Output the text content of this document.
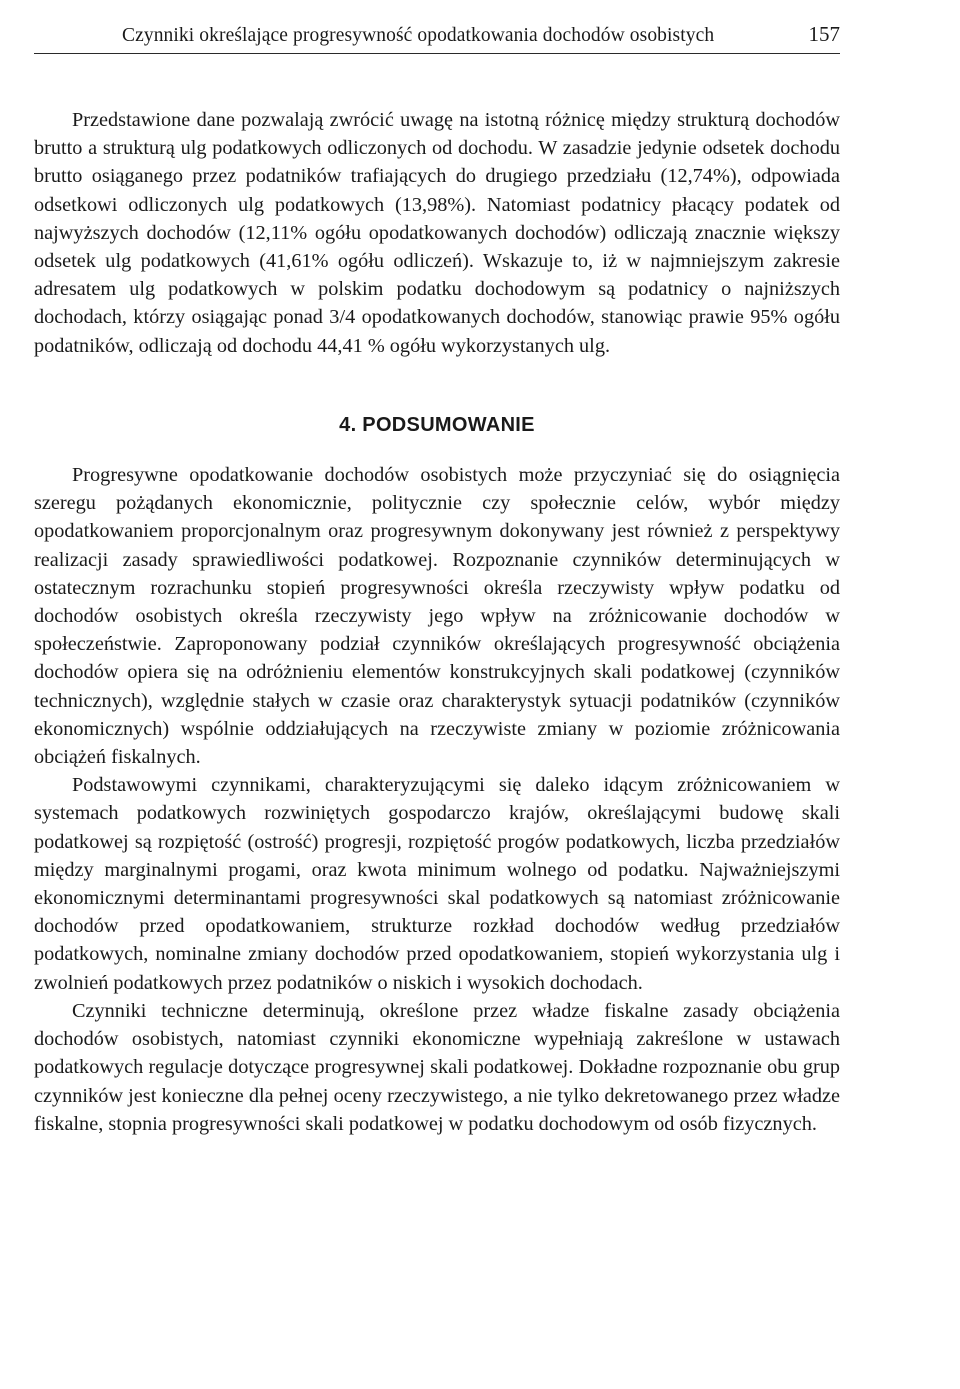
Czynniki określające progresywność opodatkowania dochodów osobistych	157

Przedstawione dane pozwalają zwrócić uwagę na istotną różnicę między strukturą dochodów brutto a strukturą ulg podatkowych odliczonych od dochodu. W zasadzie jedynie odsetek dochodu brutto osiąganego przez podatników trafiających do drugiego przedziału (12,74%), odpowiada odsetkowi odliczonych ulg podatkowych (13,98%). Natomiast podatnicy płacący podatek od najwyższych dochodów (12,11% ogółu opodatkowanych dochodów) odliczają znacznie większy odsetek ulg podatkowych (41,61% ogółu odliczeń). Wskazuje to, iż w najmniejszym zakresie adresatem ulg podatkowych w polskim podatku dochodowym są podatnicy o najniższych dochodach, którzy osiągając ponad 3/4 opodatkowanych dochodów, stanowiąc prawie 95% ogółu podatników, odliczają od dochodu 44,41 % ogółu wykorzystanych ulg.

4. PODSUMOWANIE

Progresywne opodatkowanie dochodów osobistych może przyczyniać się do osiągnięcia szeregu pożądanych ekonomicznie, politycznie czy społecznie celów, wybór między opodatkowaniem proporcjonalnym oraz progresywnym dokonywany jest również z perspektywy realizacji zasady sprawiedliwości podatkowej. Rozpoznanie czynników determinujących w ostatecznym rozrachunku stopień progresywności określa rzeczywisty wpływ podatku od dochodów osobistych określa rzeczywisty jego wpływ na zróżnicowanie dochodów w społeczeństwie. Zaproponowany podział czynników określających progresywność obciążenia dochodów opiera się na odróżnieniu elementów konstrukcyjnych skali podatkowej (czynników technicznych), względnie stałych w czasie oraz charakterystyk sytuacji podatników (czynników ekonomicznych) wspólnie oddziałujących na rzeczywiste zmiany w poziomie zróżnicowania obciążeń fiskalnych.

Podstawowymi czynnikami, charakteryzującymi się daleko idącym zróżnicowaniem w systemach podatkowych rozwiniętych gospodarczo krajów, określającymi budowę skali podatkowej są rozpiętość (ostrość) progresji, rozpiętość progów podatkowych, liczba przedziałów między marginalnymi progami, oraz kwota minimum wolnego od podatku. Najważniejszymi ekonomicznymi determinantami progresywności skal podatkowych są natomiast zróżnicowanie dochodów przed opodatkowaniem, strukturze rozkład dochodów według przedziałów podatkowych, nominalne zmiany dochodów przed opodatkowaniem, stopień wykorzystania ulg i zwolnień podatkowych przez podatników o niskich i wysokich dochodach.

Czynniki techniczne determinują, określone przez władze fiskalne zasady obciążenia dochodów osobistych, natomiast czynniki ekonomiczne wypełniają zakreślone w ustawach podatkowych regulacje dotyczące progresywnej skali podatkowej. Dokładne rozpoznanie obu grup czynników jest konieczne dla pełnej oceny rzeczywistego, a nie tylko dekretowanego przez władze fiskalne, stopnia progresywności skali podatkowej w podatku dochodowym od osób fizycznych.
